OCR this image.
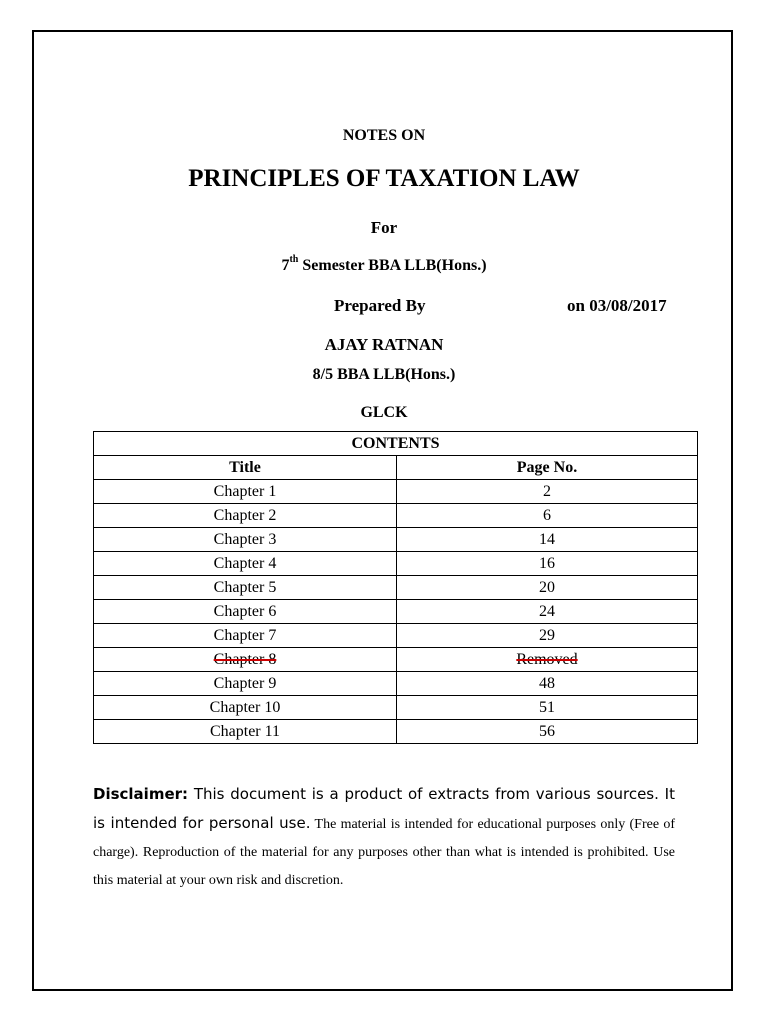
NOTES ON
PRINCIPLES OF TAXATION LAW
For
7th Semester BBA LLB(Hons.)
Prepared By	on 03/08/2017
AJAY RATNAN
8/5 BBA LLB(Hons.)
GLCK
CONTENTS	
Title	Page No.
Chapter 1	2
Chapter 2	6
Chapter 3	14
Chapter 4	16
Chapter 5	20
Chapter 6	24
Chapter 7	29
Chapter 8	Removed
Chapter 9	48
Chapter 10	51
Chapter 11	56

Disclaimer: This document is a product of extracts from various sources. It is intended for personal use. The material is intended for educational purposes only (Free of charge). Reproduction of the material for any purposes other than what is intended is prohibited. Use this material at your own risk and discretion.
